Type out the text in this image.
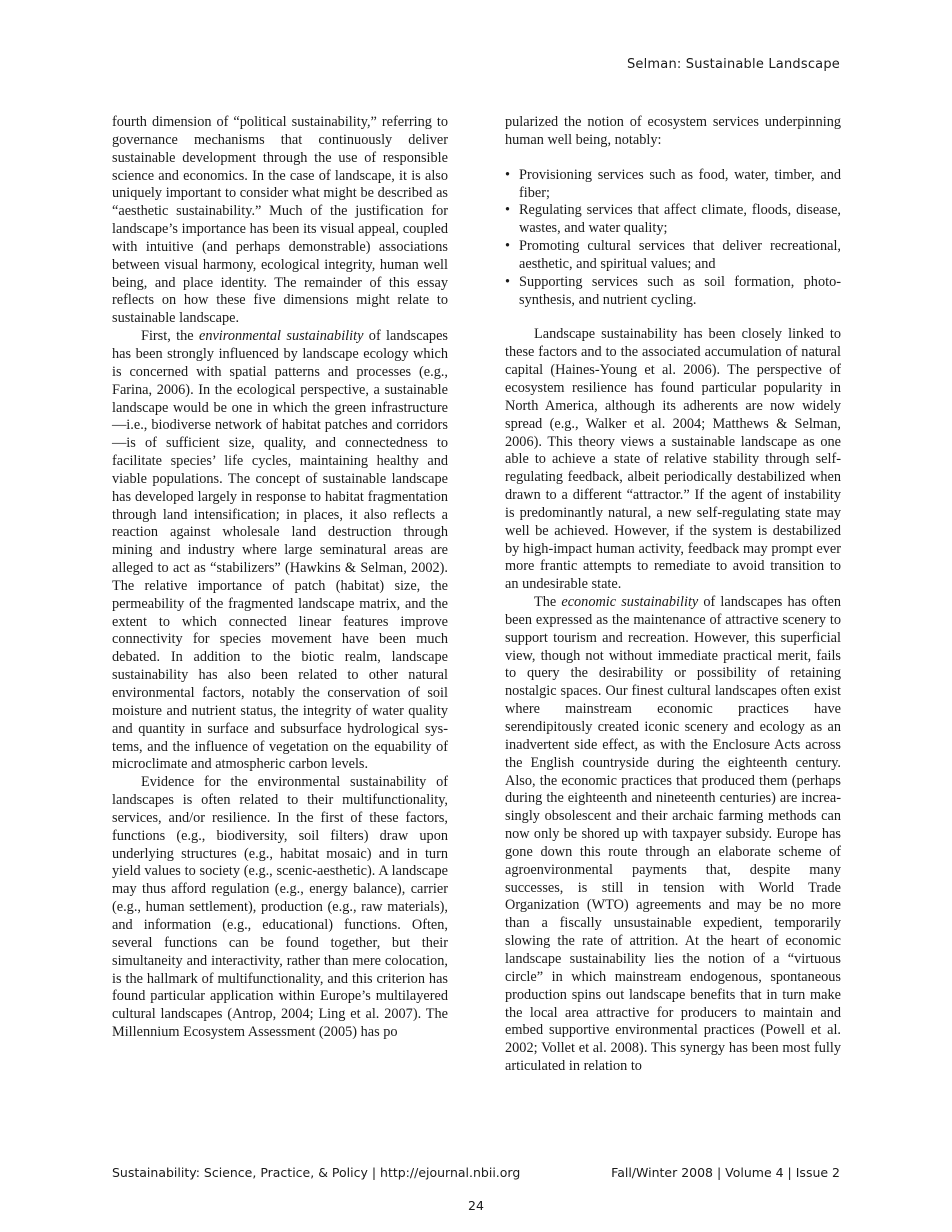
Selman: Sustainable Landscape

fourth dimension of “political sustainability,” referring to governance mechanisms that continuously deliver sustainable development through the use of responsible science and economics. In the case of landscape, it is also uniquely important to consider what might be described as “aesthetic sustainability.” Much of the justification for landscape’s importance has been its visual appeal, coupled with intuitive (and perhaps demonstrable) associations between visual harmony, ecological integrity, human well being, and place identity. The remainder of this essay reflects on how these five dimensions might relate to sustainable landscape.

First, the environmental sustainability of landscapes has been strongly influenced by landscape ecology which is concerned with spatial patterns and processes (e.g., Farina, 2006). In the ecological perspective, a sustainable landscape would be one in which the green infrastructure—i.e., biodiverse network of habitat patches and corridors—is of sufficient size, quality, and connectedness to facilitate species’ life cycles, maintaining healthy and viable populations. The concept of sustainable landscape has developed largely in response to habitat fragmentation through land intensification; in places, it also reflects a reaction against wholesale land destruction through mining and industry where large seminatural areas are alleged to act as “stabilizers” (Hawkins & Selman, 2002). The relative importance of patch (habitat) size, the permeability of the fragmented landscape matrix, and the extent to which connected linear features improve connectivity for species movement have been much debated. In addition to the biotic realm, landscape sustainability has also been related to other natural environmental factors, notably the conservation of soil moisture and nutrient status, the integrity of water quality and quantity in surface and subsurface hydrological systems, and the influence of vegetation on the equability of microclimate and atmospheric carbon levels.

Evidence for the environmental sustainability of landscapes is often related to their multifunctionality, services, and/or resilience. In the first of these factors, functions (e.g., biodiversity, soil filters) draw upon underlying structures (e.g., habitat mosaic) and in turn yield values to society (e.g., scenic-aesthetic). A landscape may thus afford regulation (e.g., energy balance), carrier (e.g., human settlement), production (e.g., raw materials), and information (e.g., educational) functions. Often, several functions can be found together, but their simultaneity and interactivity, rather than mere colocation, is the hallmark of multifunctionality, and this criterion has found particular application within Europe’s multilayered cultural landscapes (Antrop, 2004; Ling et al. 2007). The Millennium Ecosystem Assessment (2005) has po

pularized the notion of ecosystem services underpinning human well being, notably:

• Provisioning services such as food, water, timber, and fiber;
• Regulating services that affect climate, floods, disease, wastes, and water quality;
• Promoting cultural services that deliver recreational, aesthetic, and spiritual values; and
• Supporting services such as soil formation, photosynthesis, and nutrient cycling.

Landscape sustainability has been closely linked to these factors and to the associated accumulation of natural capital (Haines-Young et al. 2006). The perspective of ecosystem resilience has found particular popularity in North America, although its adherents are now widely spread (e.g., Walker et al. 2004; Matthews & Selman, 2006). This theory views a sustainable landscape as one able to achieve a state of relative stability through self-regulating feedback, albeit periodically destabilized when drawn to a different “attractor.” If the agent of instability is predominantly natural, a new self-regulating state may well be achieved. However, if the system is destabilized by high-impact human activity, feedback may prompt ever more frantic attempts to remediate to avoid transition to an undesirable state.

The economic sustainability of landscapes has often been expressed as the maintenance of attractive scenery to support tourism and recreation. However, this superficial view, though not without immediate practical merit, fails to query the desirability or possibility of retaining nostalgic spaces. Our finest cultural landscapes often exist where mainstream economic practices have serendipitously created iconic scenery and ecology as an inadvertent side effect, as with the Enclosure Acts across the English countryside during the eighteenth century. Also, the economic practices that produced them (perhaps during the eighteenth and nineteenth centuries) are increasingly obsolescent and their archaic farming methods can now only be shored up with taxpayer subsidy. Europe has gone down this route through an elaborate scheme of agroenvironmental payments that, despite many successes, is still in tension with World Trade Organization (WTO) agreements and may be no more than a fiscally unsustainable expedient, temporarily slowing the rate of attrition. At the heart of economic landscape sustainability lies the notion of a “virtuous circle” in which mainstream endogenous, spontaneous production spins out landscape benefits that in turn make the local area attractive for producers to maintain and embed supportive environmental practices (Powell et al. 2002; Vollet et al. 2008). This synergy has been most fully articulated in relation to

Sustainability: Science, Practice, & Policy | http://ejournal.nbii.org	Fall/Winter 2008 | Volume 4 | Issue 2
24
